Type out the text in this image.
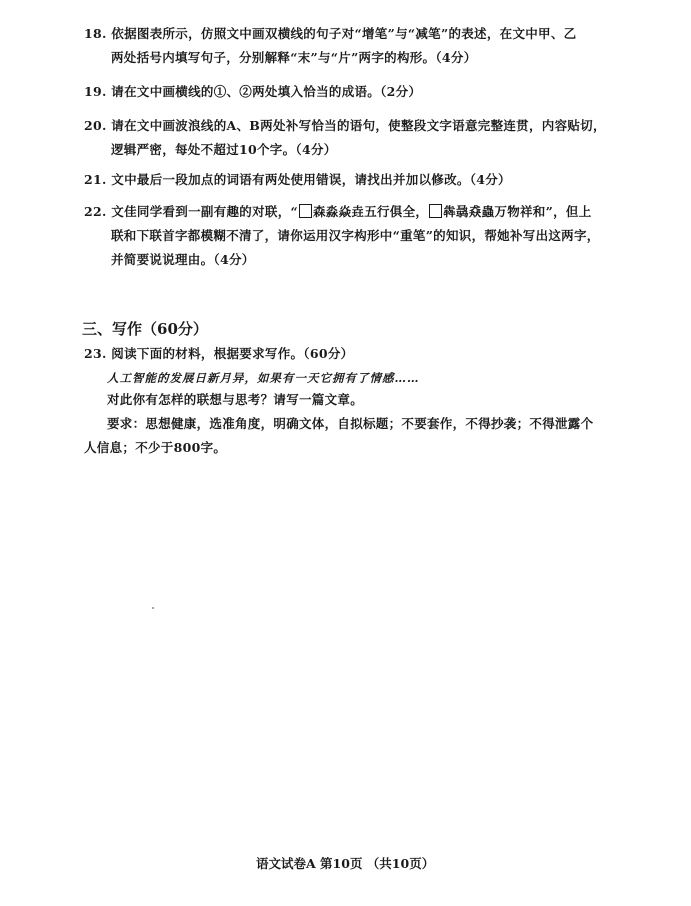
18. 依据图表所示，仿照文中画双横线的句子对“增笔”与“减笔”的表述，在文中甲、乙
两处括号内填写句子，分别解释“末”与“片”两字的构形。（4分）
19. 请在文中画横线的①、②两处填入恰当的成语。（2分）
20. 请在文中画波浪线的A、B两处补写恰当的语句，使整段文字语意完整连贯，内容贴切，
逻辑严密，每处不超过10个字。（4分）
21. 文中最后一段加点的词语有两处使用错误，请找出并加以修改。（4分）
22. 文佳同学看到一副有趣的对联，“ 森淼焱垚五行俱全， 犇骉猋蟲万物祥和”，但上
联和下联首字都模糊不清了，请你运用汉字构形中“重笔”的知识，帮她补写出这两字，
并简要说说理由。（4分）
三、写作（60分）
23. 阅读下面的材料，根据要求写作。（60分）
人工智能的发展日新月异，如果有一天它拥有了情感……
对此你有怎样的联想与思考？请写一篇文章。
要求：思想健康，选准角度，明确文体，自拟标题；不要套作，不得抄袭；不得泄露个
人信息；不少于800字。
语文试卷A 第10页 （共10页）
